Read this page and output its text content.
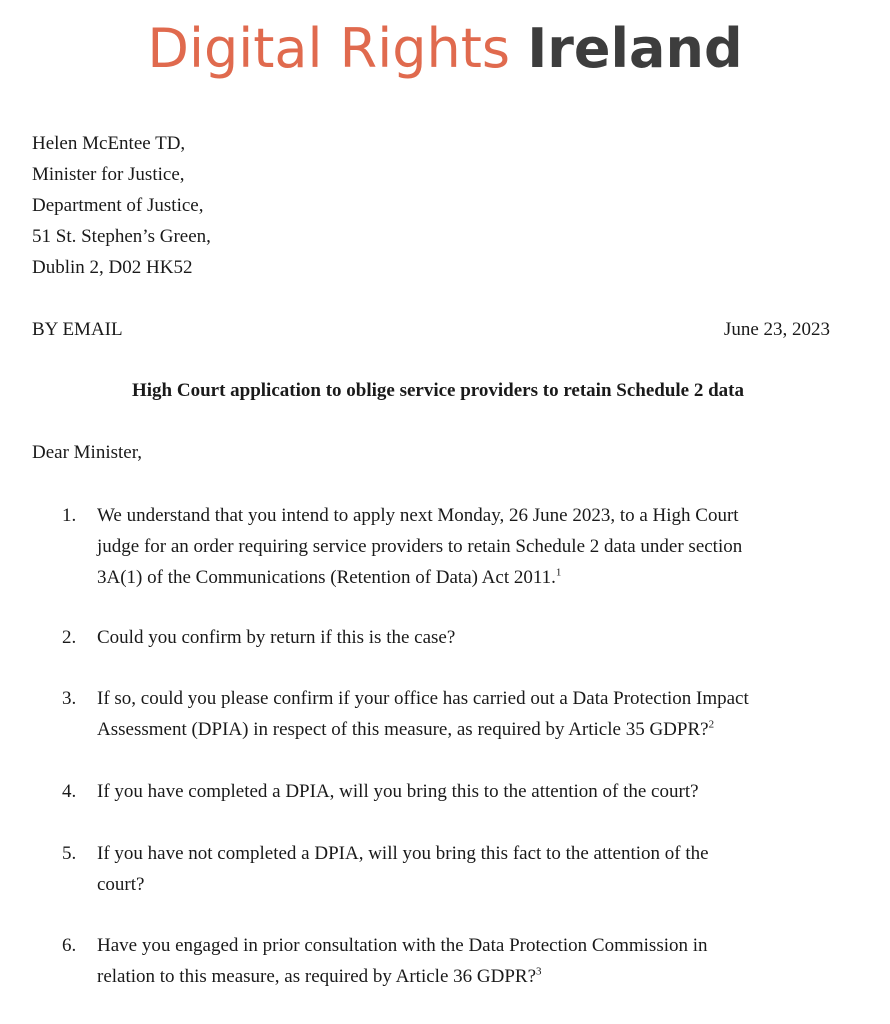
Digital Rights Ireland
Helen McEntee TD,
Minister for Justice,
Department of Justice,
51 St. Stephen’s Green,
Dublin 2, D02 HK52
BY EMAIL	June 23, 2023
High Court application to oblige service providers to retain Schedule 2 data
Dear Minister,
1.	We understand that you intend to apply next Monday, 26 June 2023, to a High Court
judge for an order requiring service providers to retain Schedule 2 data under section
3A(1) of the Communications (Retention of Data) Act 2011.$^1$
2.	Could you confirm by return if this is the case?
3.	If so, could you please confirm if your office has carried out a Data Protection Impact
Assessment (DPIA) in respect of this measure, as required by Article 35 GDPR?$^2$
4.	If you have completed a DPIA, will you bring this to the attention of the court?
5.	If you have not completed a DPIA, will you bring this fact to the attention of the
court?
6.	Have you engaged in prior consultation with the Data Protection Commission in
relation to this measure, as required by Article 36 GDPR?$^3$
